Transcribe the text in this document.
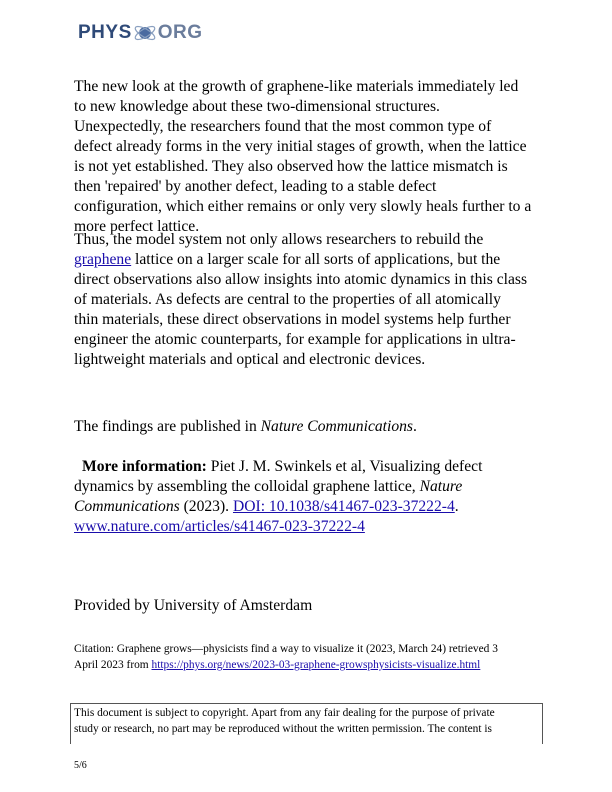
PHYS ORG
The new look at the growth of graphene-like materials immediately led
to new knowledge about these two-dimensional structures.
Unexpectedly, the researchers found that the most common type of
defect already forms in the very initial stages of growth, when the lattice
is not yet established. They also observed how the lattice mismatch is
then 'repaired' by another defect, leading to a stable defect
configuration, which either remains or only very slowly heals further to a
more perfect lattice.
Thus, the model system not only allows researchers to rebuild the
graphene lattice on a larger scale for all sorts of applications, but the
direct observations also allow insights into atomic dynamics in this class
of materials. As defects are central to the properties of all atomically
thin materials, these direct observations in model systems help further
engineer the atomic counterparts, for example for applications in ultra-
lightweight materials and optical and electronic devices.
The findings are published in Nature Communications.
More information: Piet J. M. Swinkels et al, Visualizing defect
dynamics by assembling the colloidal graphene lattice, Nature
Communications (2023). DOI: 10.1038/s41467-023-37222-4.
www.nature.com/articles/s41467-023-37222-4
Provided by University of Amsterdam
Citation: Graphene grows—physicists find a way to visualize it (2023, March 24) retrieved 3
April 2023 from https://phys.org/news/2023-03-graphene-growsphysicists-visualize.html
This document is subject to copyright. Apart from any fair dealing for the purpose of private
study or research, no part may be reproduced without the written permission. The content is
5/6
